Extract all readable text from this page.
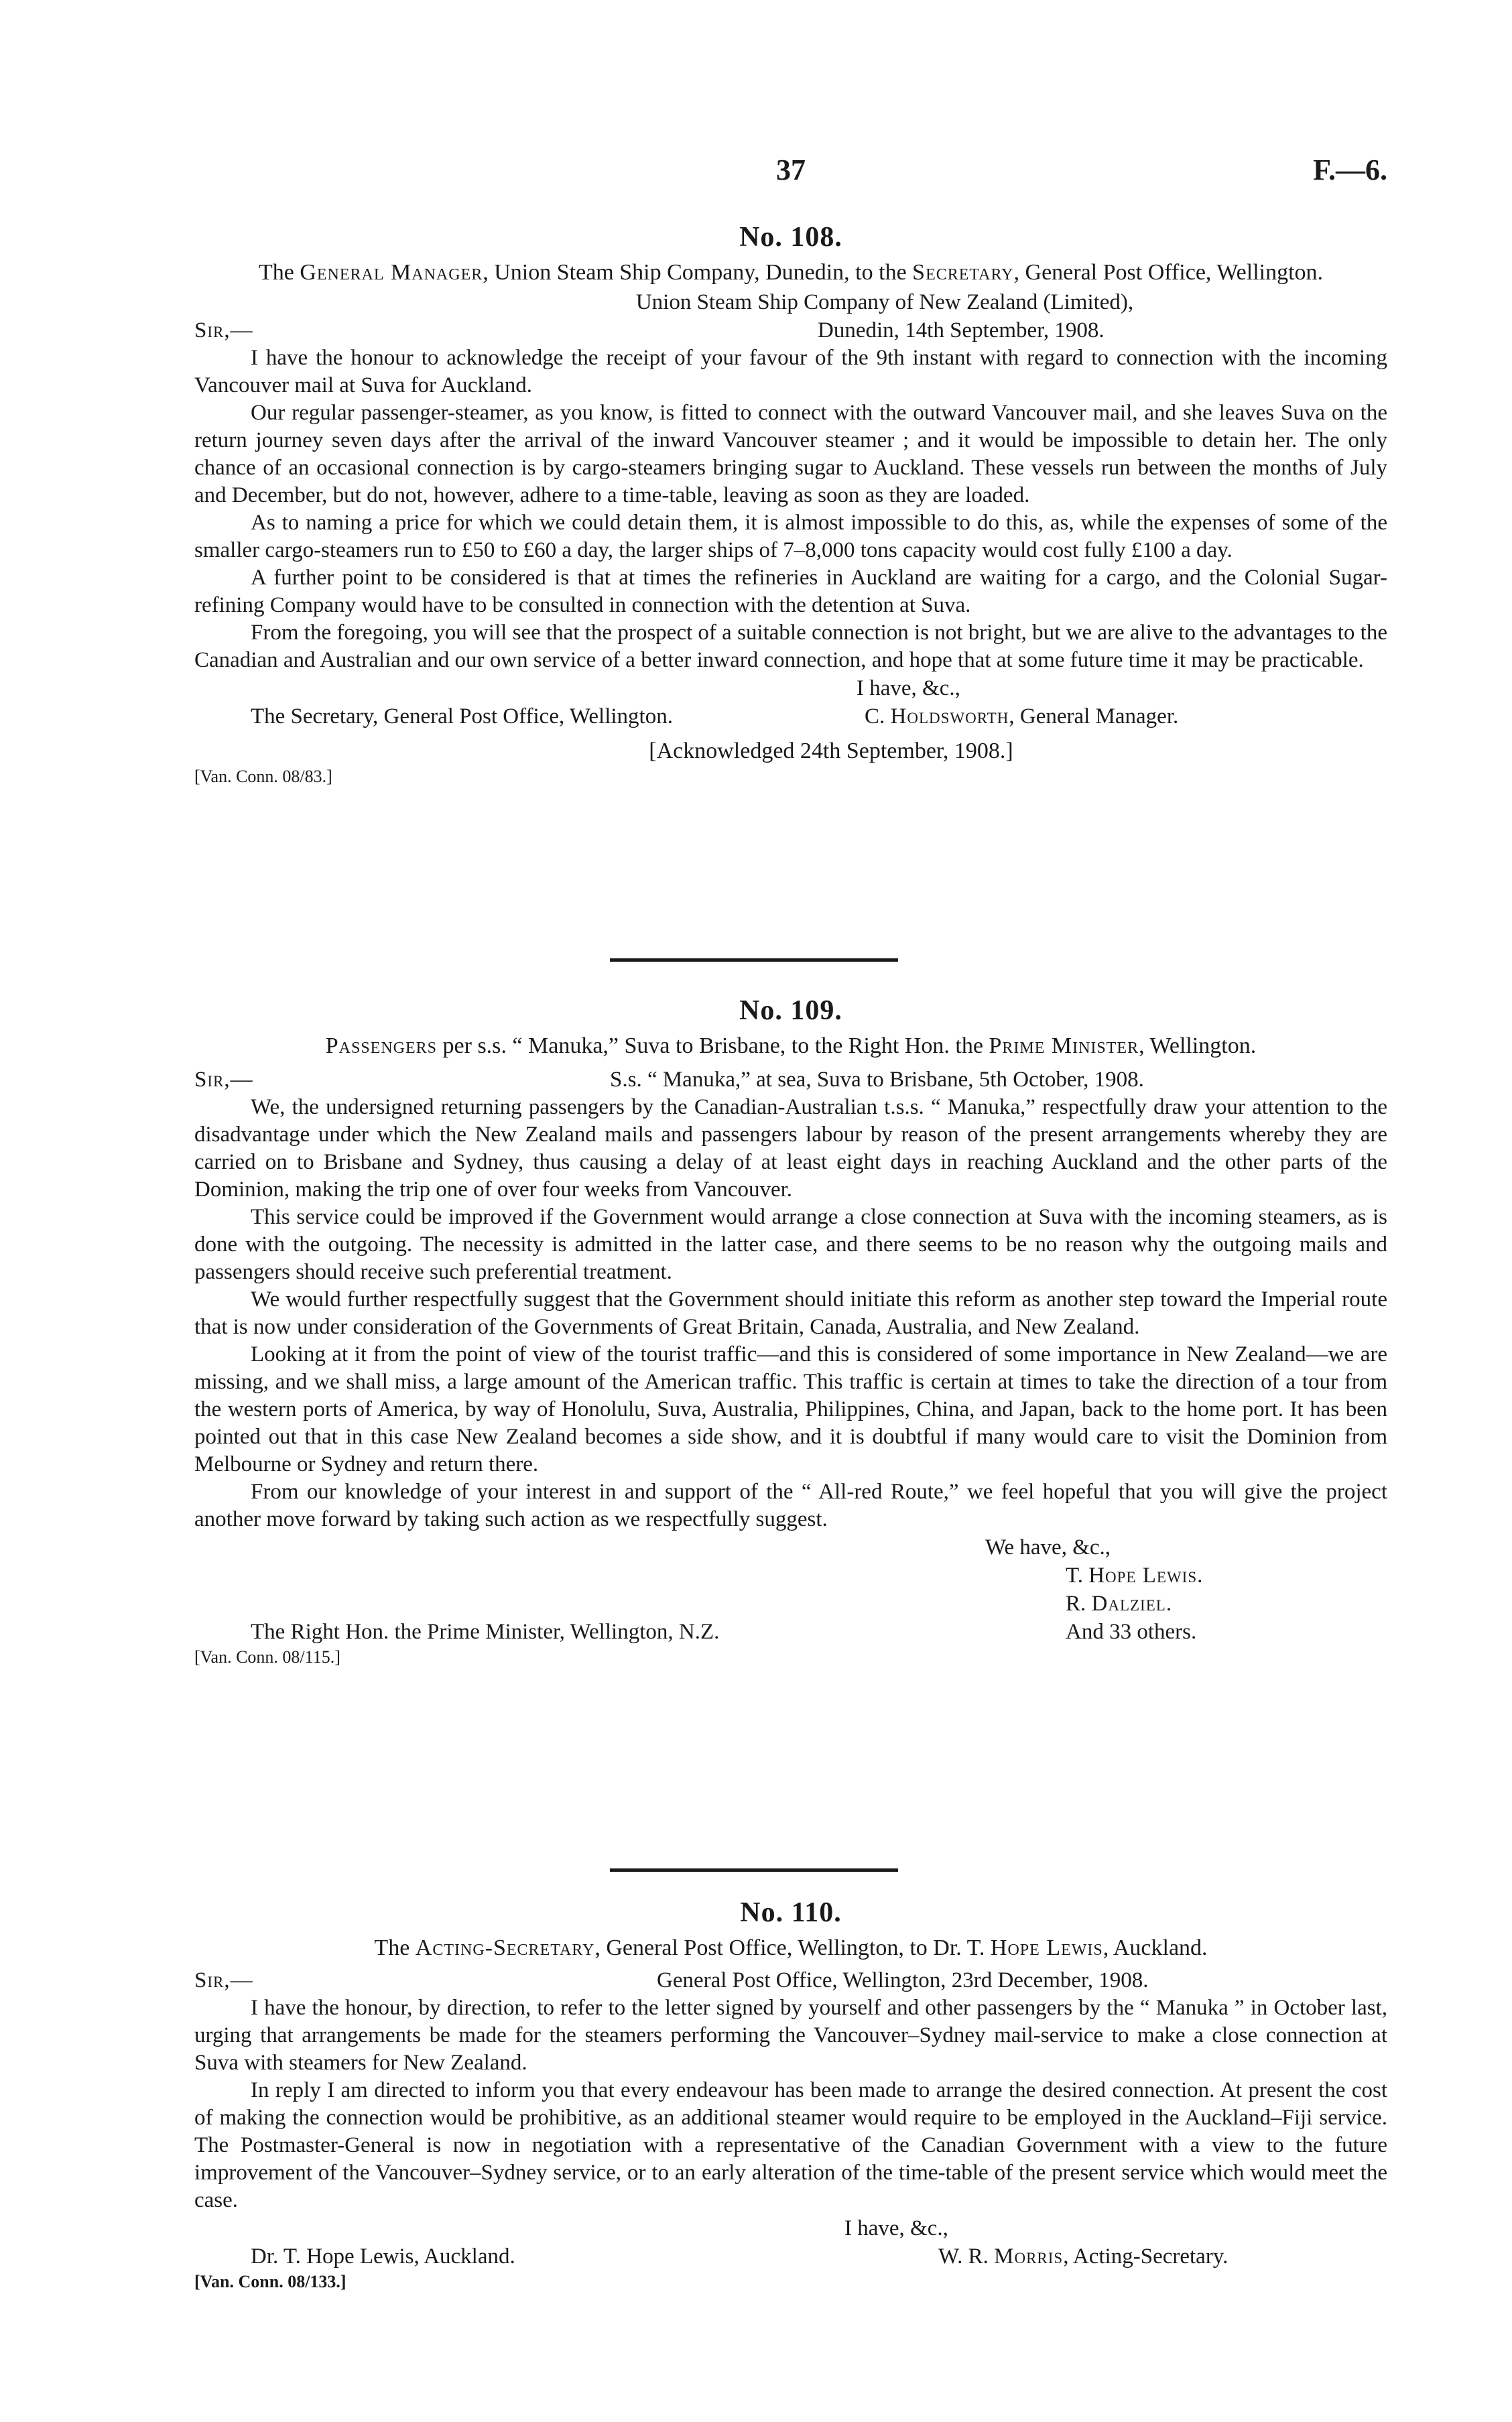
37	F.—6.
No. 108.

The General Manager, Union Steam Ship Company, Dunedin, to the Secretary, General Post Office, Wellington.

Union Steam Ship Company of New Zealand (Limited),
Sir,—	Dunedin, 14th September, 1908.

I have the honour to acknowledge the receipt of your favour of the 9th instant with regard to connection with the incoming Vancouver mail at Suva for Auckland.

Our regular passenger-steamer, as you know, is fitted to connect with the outward Vancouver mail, and she leaves Suva on the return journey seven days after the arrival of the inward Vancouver steamer ; and it would be impossible to detain her. The only chance of an occasional connection is by cargo-steamers bringing sugar to Auckland. These vessels run between the months of July and December, but do not, however, adhere to a time-table, leaving as soon as they are loaded.

As to naming a price for which we could detain them, it is almost impossible to do this, as, while the expenses of some of the smaller cargo-steamers run to £50 to £60 a day, the larger ships of 7–8,000 tons capacity would cost fully £100 a day.

A further point to be considered is that at times the refineries in Auckland are waiting for a cargo, and the Colonial Sugar-refining Company would have to be consulted in connection with the detention at Suva.

From the foregoing, you will see that the prospect of a suitable connection is not bright, but we are alive to the advantages to the Canadian and Australian and our own service of a better inward connection, and hope that at some future time it may be practicable.

I have, &c.,
The Secretary, General Post Office, Wellington.	C. Holdsworth, General Manager.
[Acknowledged 24th September, 1908.]
[Van. Conn. 08/83.]
No. 109.

Passengers per s.s. “ Manuka,” Suva to Brisbane, to the Right Hon. the Prime Minister, Wellington.

Sir,—	S.s. “ Manuka,” at sea, Suva to Brisbane, 5th October, 1908.

We, the undersigned returning passengers by the Canadian-Australian t.s.s. “ Manuka,” respectfully draw your attention to the disadvantage under which the New Zealand mails and passengers labour by reason of the present arrangements whereby they are carried on to Brisbane and Sydney, thus causing a delay of at least eight days in reaching Auckland and the other parts of the Dominion, making the trip one of over four weeks from Vancouver.

This service could be improved if the Government would arrange a close connection at Suva with the incoming steamers, as is done with the outgoing. The necessity is admitted in the latter case, and there seems to be no reason why the outgoing mails and passengers should receive such preferential treatment.

We would further respectfully suggest that the Government should initiate this reform as another step toward the Imperial route that is now under consideration of the Governments of Great Britain, Canada, Australia, and New Zealand.

Looking at it from the point of view of the tourist traffic—and this is considered of some importance in New Zealand—we are missing, and we shall miss, a large amount of the American traffic. This traffic is certain at times to take the direction of a tour from the western ports of America, by way of Honolulu, Suva, Australia, Philippines, China, and Japan, back to the home port. It has been pointed out that in this case New Zealand becomes a side show, and it is doubtful if many would care to visit the Dominion from Melbourne or Sydney and return there.

From our knowledge of your interest in and support of the “ All-red Route,” we feel hopeful that you will give the project another move forward by taking such action as we respectfully suggest.

We have, &c.,
T. Hope Lewis.
R. Dalziel.
The Right Hon. the Prime Minister, Wellington, N.Z.	And 33 others.
[Van. Conn. 08/115.]
No. 110.

The Acting-Secretary, General Post Office, Wellington, to Dr. T. Hope Lewis, Auckland.

Sir,—	General Post Office, Wellington, 23rd December, 1908.

I have the honour, by direction, to refer to the letter signed by yourself and other passengers by the “ Manuka ” in October last, urging that arrangements be made for the steamers performing the Vancouver–Sydney mail-service to make a close connection at Suva with steamers for New Zealand.

In reply I am directed to inform you that every endeavour has been made to arrange the desired connection. At present the cost of making the connection would be prohibitive, as an additional steamer would require to be employed in the Auckland–Fiji service. The Postmaster-General is now in negotiation with a representative of the Canadian Government with a view to the future improvement of the Vancouver–Sydney service, or to an early alteration of the time-table of the present service which would meet the case.

I have, &c.,
Dr. T. Hope Lewis, Auckland.	W. R. Morris, Acting-Secretary.
[Van. Conn. 08/133.]
